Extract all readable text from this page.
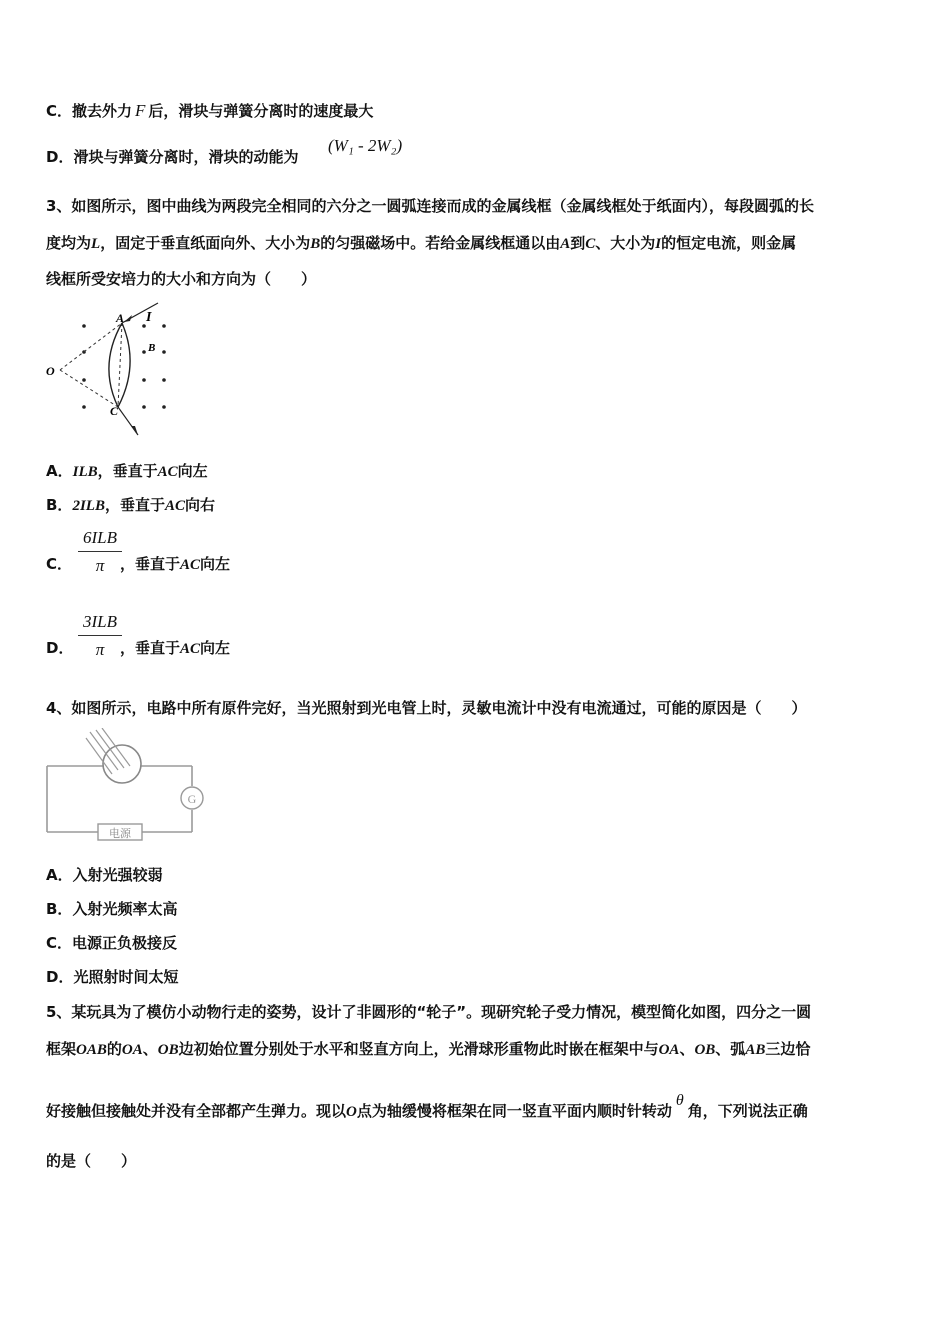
C．撤去外力 F 后，滑块与弹簧分离时的速度最大
D．滑块与弹簧分离时，滑块的动能为
(W₁ - 2W₂)
3、如图所示，图中曲线为两段完全相同的六分之一圆弧连接而成的金属线框（金属线框处于纸面内），每段圆弧的长
度均为L，固定于垂直纸面向外、大小为B的匀强磁场中。若给金属线框通以由A到C、大小为I的恒定电流，则金属
线框所受安培力的大小和方向为（　　）
A I
B
O
C
A．ILB，垂直于AC向左
B．2ILB，垂直于AC向右
C．
6ILB
π	，垂直于AC向左
D．
3ILB
π	，垂直于AC向左
4、如图所示，电路中所有原件完好，当光照射到光电管上时，灵敏电流计中没有电流通过，可能的原因是（　　）
电源
G
A．入射光强较弱
B．入射光频率太高
C．电源正负极接反
D．光照射时间太短
5、某玩具为了模仿小动物行走的姿势，设计了非圆形的“轮子”。现研究轮子受力情况，模型简化如图，四分之一圆
框架OAB的OA、OB边初始位置分别处于水平和竖直方向上，光滑球形重物此时嵌在框架中与OA、OB、弧AB三边恰
好接触但接触处并没有全部都产生弹力。现以O点为轴缓慢将框架在同一竖直平面内顺时针转动θ角，下列说法正确
的是（　　）
